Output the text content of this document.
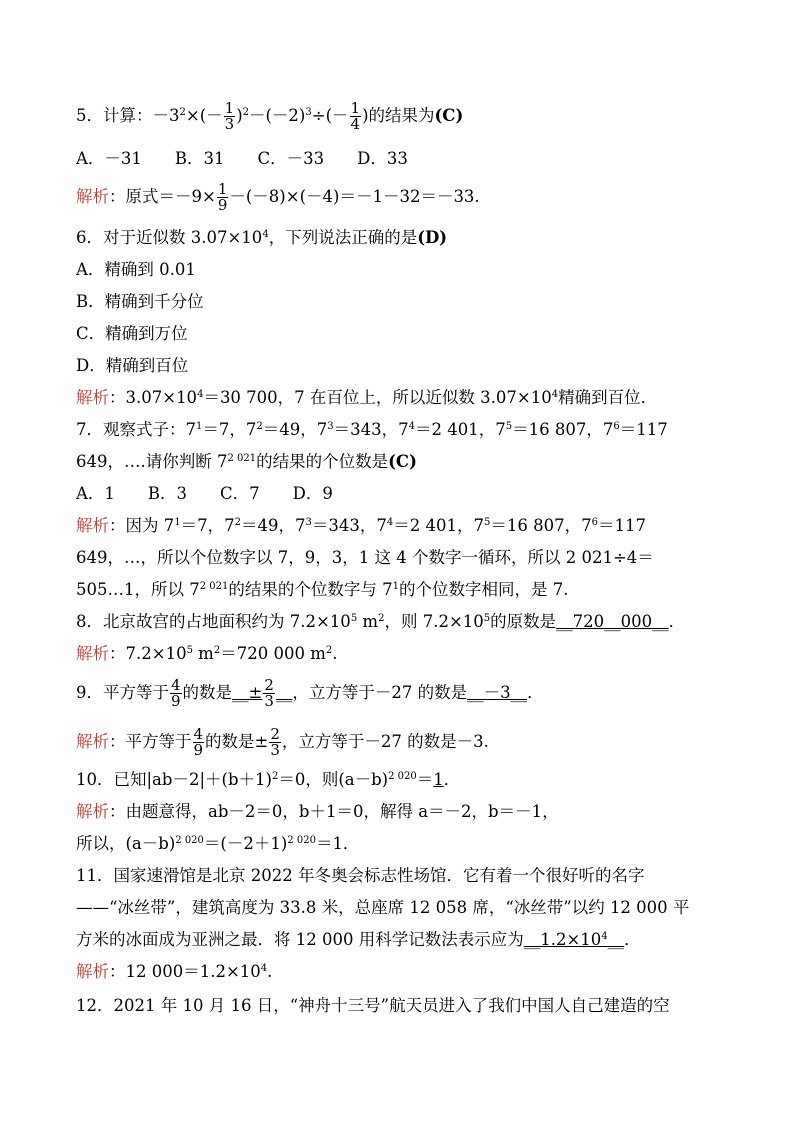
5．计算：$-3^2\times(- \frac{1}{3} )^2-(-2)^3\div(- \frac{1}{4}$ )的结果为(C)
A．－31　　B．31　　C．－33　　D．33
解析：原式$=-9\times \frac{1}{9} -(-8)\times(-4)=-1-32=-33$.
6．对于近似数 $3.07\times 10^4$，下列说法正确的是(D)
A．精确到 0.01
B．精确到千分位
C．精确到万位
D．精确到百位
解析：$3.07\times 10^4=30$ 700，7 在百位上，所以近似数 $3.07\times 10^4$精确到百位．
7．观察式子：$7^1=7$，$7^2=49$，$7^3=343$，$7^4=2$ 401，$7^5=16$ 807，$7^6=117$
649，….请你判断 $7^{2 021}$的结果的个位数是(C)
A．1　　B．3　　C．7　　D．9
解析：因为 $7^1=7$，$7^2=49$，$7^3=343$，$7^4=2$ 401，$7^5=16$ 807，$7^6=117$
649，…，所以个位数字以 7，9，3，1 这 4 个数字一循环，所以 2 021÷4＝
505…1，所以 $7^{2 021}$的结果的个位数字与 $7^1$的个位数字相同，是 7.
8．北京故宫的占地面积约为 $7.2\times 10^5$ $m^2$，则 $7.2\times 10^5$的原数是__720__000__．
解析：$7.2\times 10^5$ $m^2=720$ 000 $m^2$.
9．平方等于 $\frac{4}{9}$ 的数是__± $\frac{2}{3}$ __，立方等于－27 的数是__－3__．
解析：平方等于 $\frac{4}{9}$ 的数是± $\frac{2}{3}$ ，立方等于－27 的数是－3.
10．已知$|ab-2|+(b+1)^2=0$，则$(a-b)^{2 020}=1$．
解析：由题意得，ab－2＝0，b＋1＝0，解得 a＝－2，b＝－1，
所以，$(a-b)^{2 020}=(-2+1)^{2 020}=1$．
11．国家速滑馆是北京 2022 年冬奥会标志性场馆．它有着一个很好听的名字
——“冰丝带”，建筑高度为 33.8 米，总座席 12 058 席，“冰丝带”以约 12 000 平
方米的冰面成为亚洲之最．将 12 000 用科学记数法表示应为$\_\_1.2\times 10^4\_\_$．
解析：12 $000=1.2\times 10^4$.
12．2021 年 10 月 16 日，“神舟十三号”航天员进入了我们中国人自己建造的空
